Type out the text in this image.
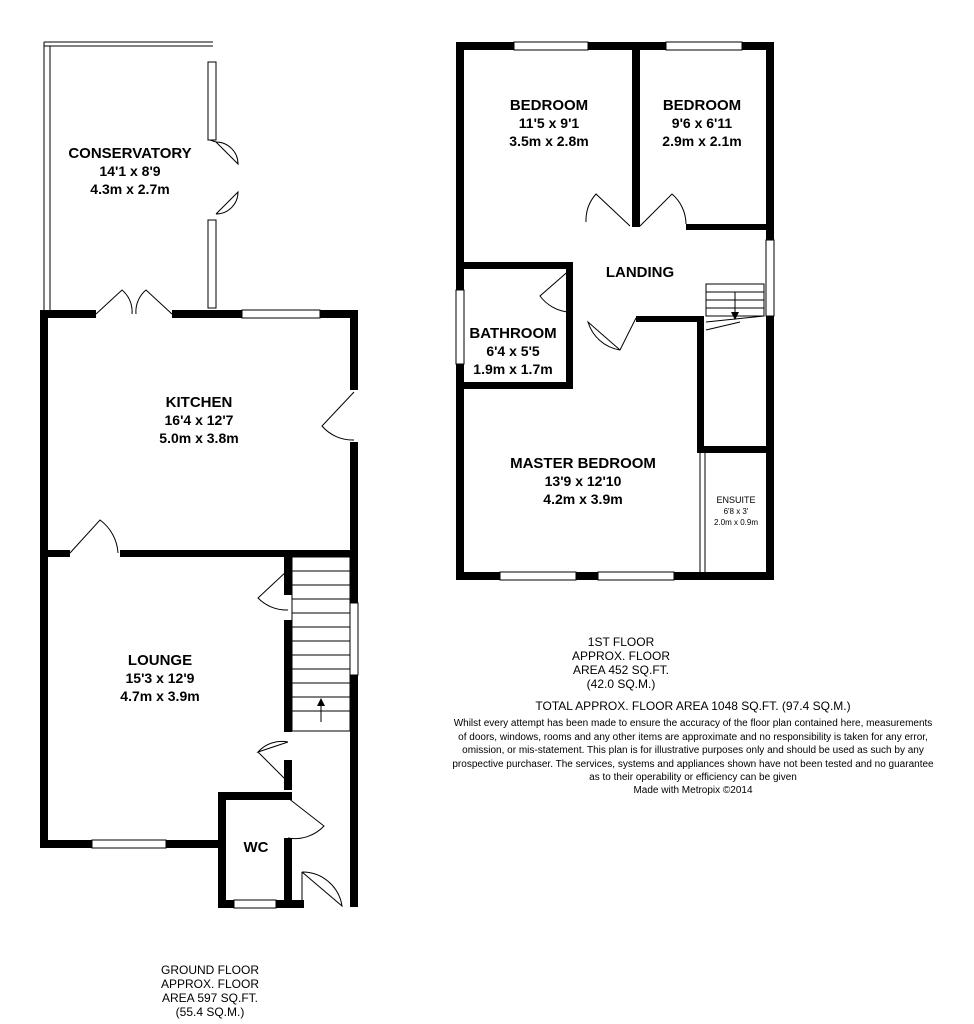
CONSERVATORY
14'1 x 8'9
4.3m x 2.7m
KITCHEN
16'4 x 12'7
5.0m x 3.8m
LOUNGE
15'3 x 12'9
4.7m x 3.9m
WC
GROUND FLOOR
APPROX. FLOOR
AREA 597 SQ.FT.
(55.4 SQ.M.)
BEDROOM
11'5 x 9'1
3.5m x 2.8m
BEDROOM
9'6 x 6'11
2.9m x 2.1m
LANDING
BATHROOM
6'4 x 5'5
1.9m x 1.7m
MASTER BEDROOM
13'9 x 12'10
4.2m x 3.9m	ENSUITE
6'8 x 3'
2.0m x 0.9m
1ST FLOOR
APPROX. FLOOR
AREA 452 SQ.FT.
(42.0 SQ.M.)
TOTAL APPROX. FLOOR AREA 1048 SQ.FT. (97.4 SQ.M.)
Whilst every attempt has been made to ensure the accuracy of the floor plan contained here, measurements
of doors, windows, rooms and any other items are approximate and no responsibility is taken for any error,
omission, or mis-statement. This plan is for illustrative purposes only and should be used as such by any
prospective purchaser. The services, systems and appliances shown have not been tested and no guarantee
as to their operability or efficiency can be given
Made with Metropix ©2014
